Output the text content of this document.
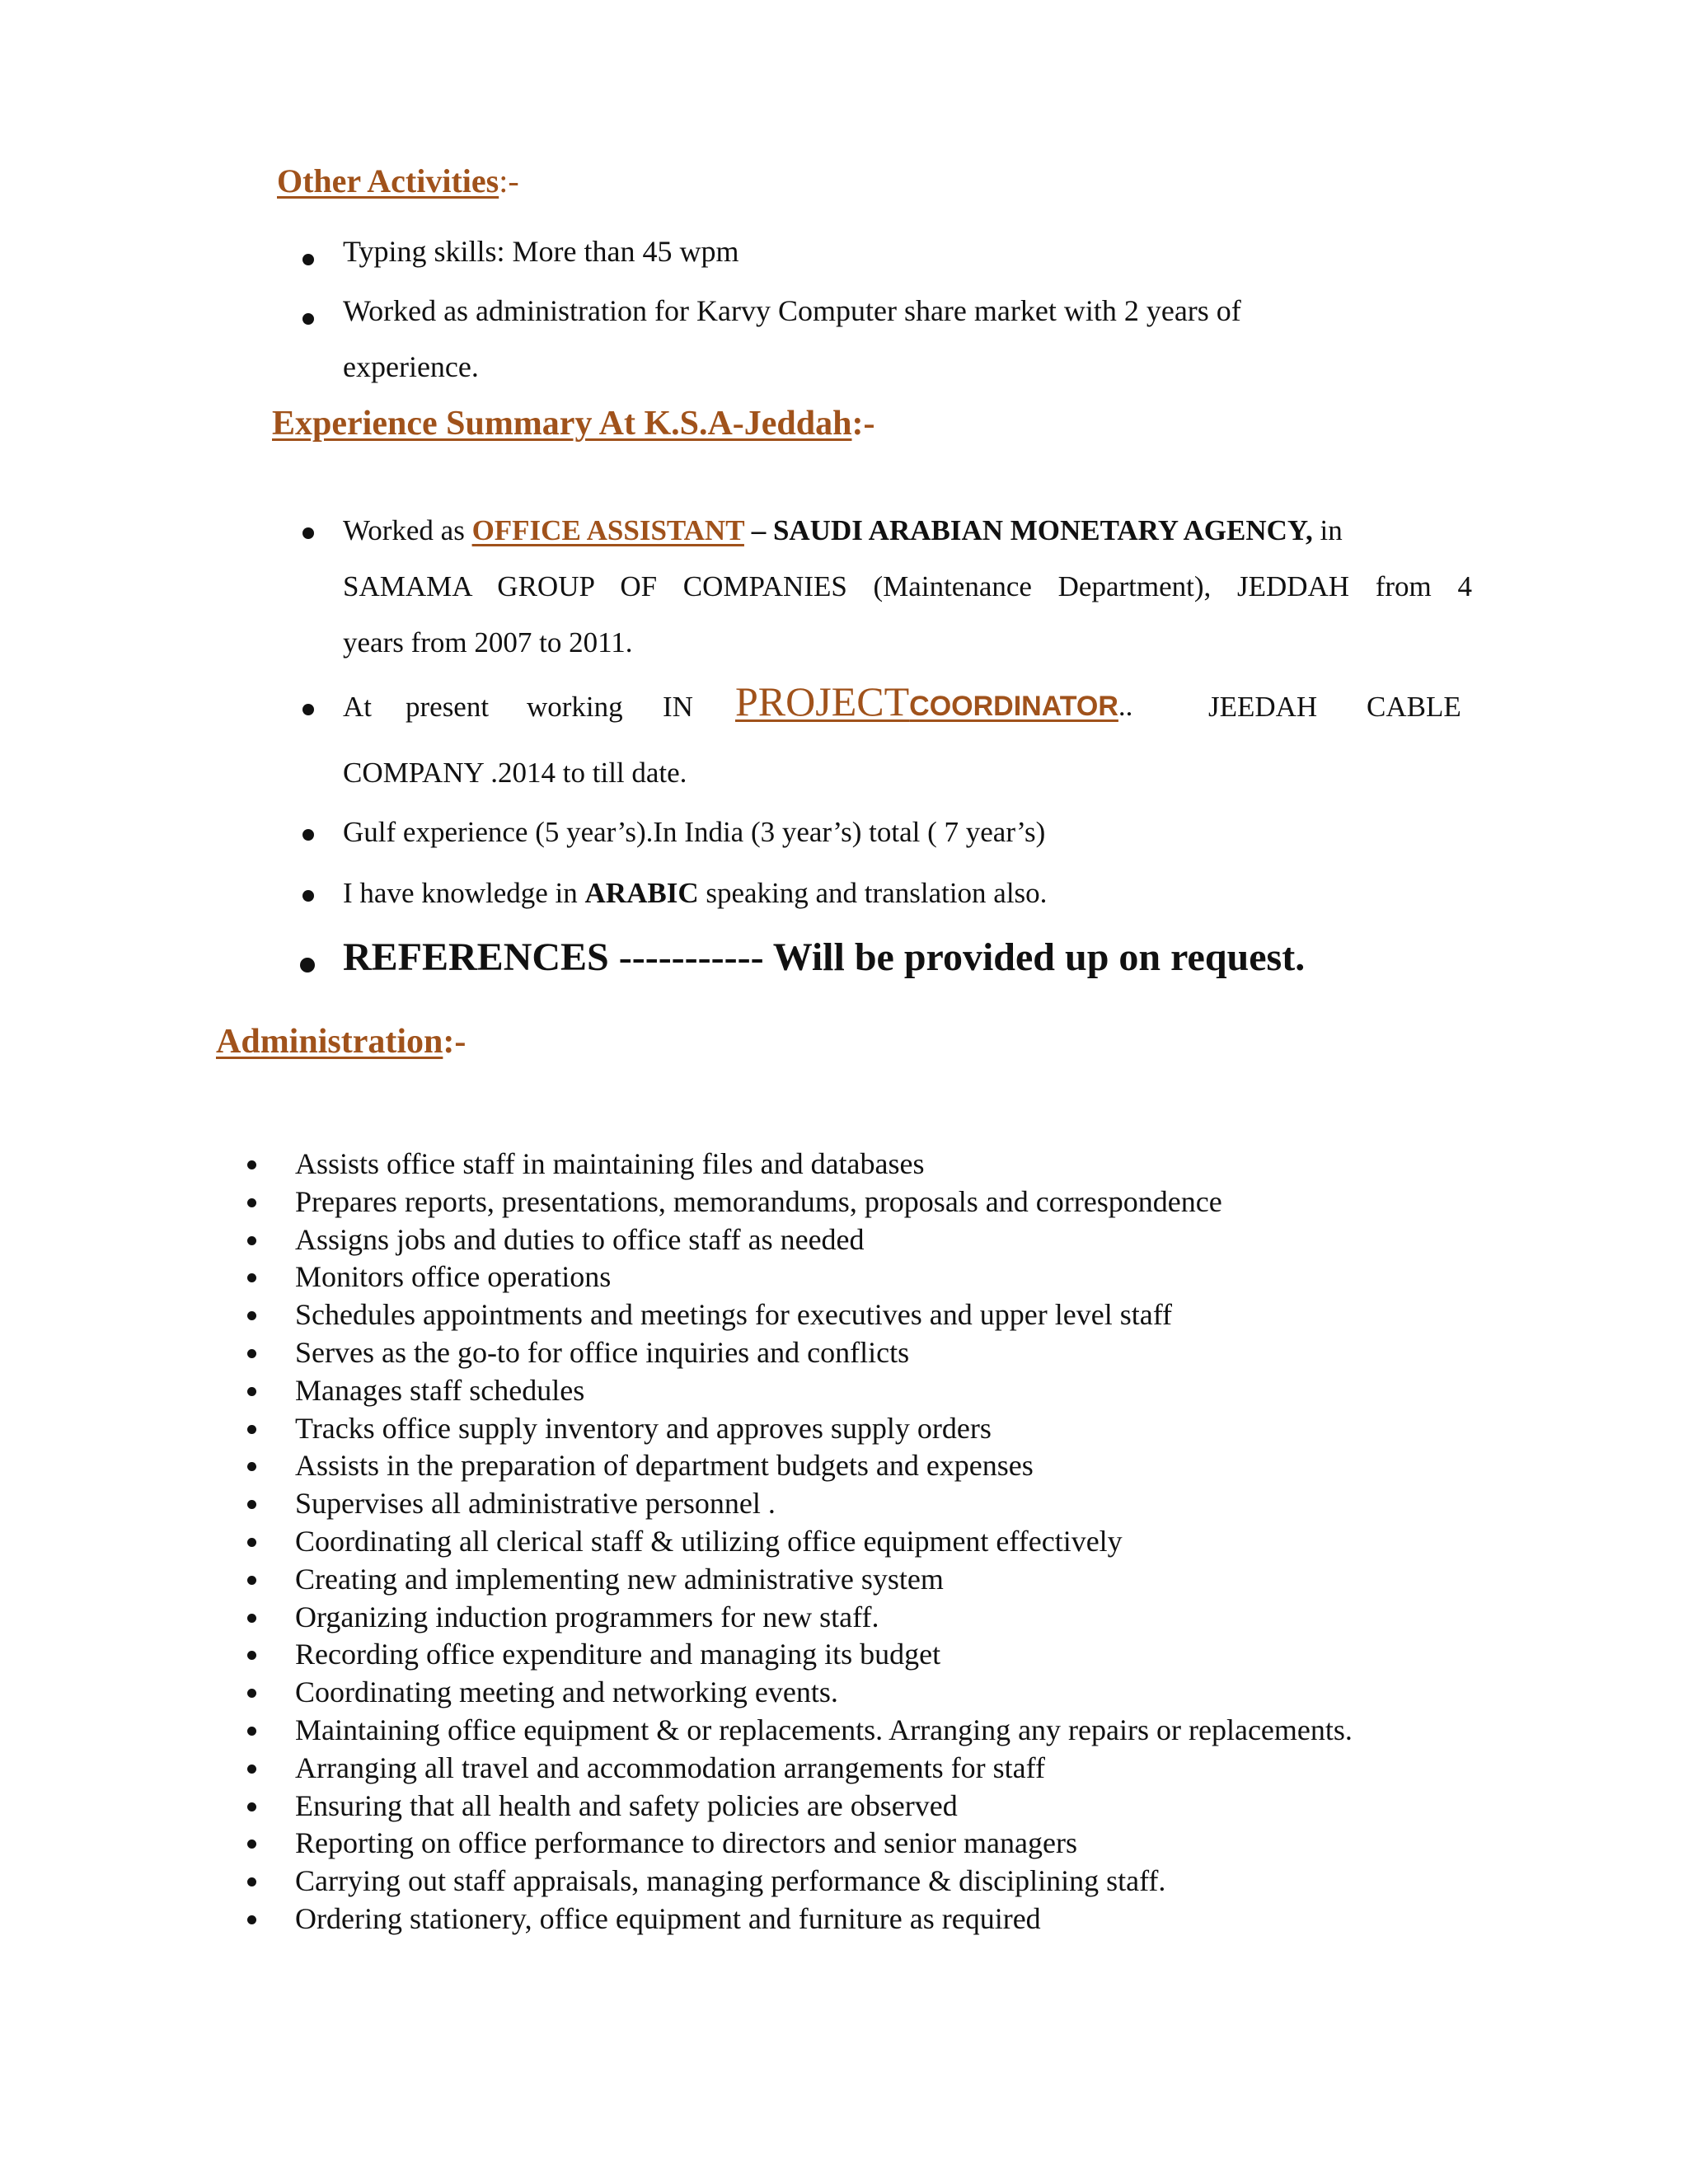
Other Activities:-
Typing skills: More than 45 wpm
Worked as administration for Karvy Computer share market with 2 years of
experience.
Experience Summary At K.S.A-Jeddah:-
Worked as OFFICE ASSISTANT – SAUDI ARABIAN MONETARY AGENCY, in
SAMAMA GROUP OF COMPANIES (Maintenance Department), JEDDAH from 4
years from 2007 to 2011.
At present working IN PROJECTCOORDINATOR..	JEEDAH CABLE
COMPANY .2014 to till date.
Gulf experience (5 year’s).In India (3 year’s) total ( 7 year’s)
I have knowledge in ARABIC speaking and translation also.
REFERENCES ----------- Will be provided up on request.
Administration:-
Assists office staff in maintaining files and databases
Prepares reports, presentations, memorandums, proposals and correspondence
Assigns jobs and duties to office staff as needed
Monitors office operations
Schedules appointments and meetings for executives and upper level staff
Serves as the go-to for office inquiries and conflicts
Manages staff schedules
Tracks office supply inventory and approves supply orders
Assists in the preparation of department budgets and expenses
Supervises all administrative personnel .
Coordinating all clerical staff & utilizing office equipment effectively
Creating and implementing new administrative system
Organizing induction programmers for new staff.
Recording office expenditure and managing its budget
Coordinating meeting and networking events.
Maintaining office equipment & or replacements. Arranging any repairs or replacements.
Arranging all travel and accommodation arrangements for staff
Ensuring that all health and safety policies are observed
Reporting on office performance to directors and senior managers
Carrying out staff appraisals, managing performance & disciplining staff.
Ordering stationery, office equipment and furniture as required
